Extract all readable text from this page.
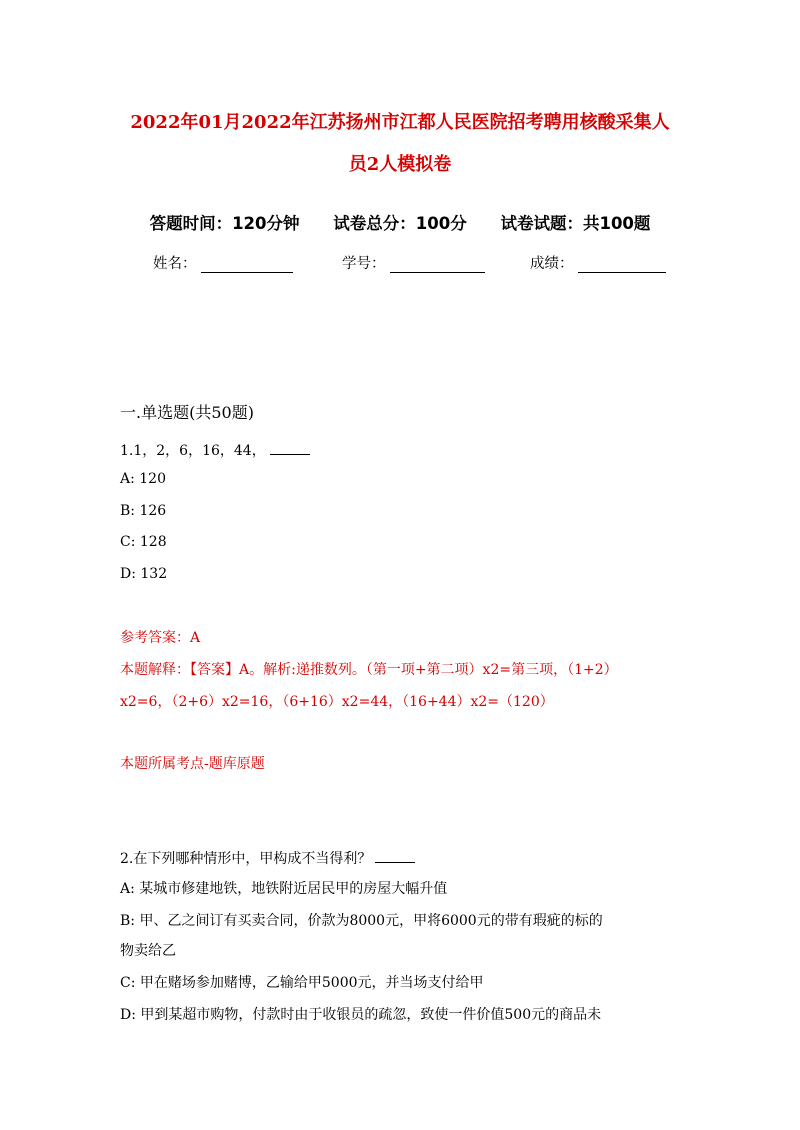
2022年01月2022年江苏扬州市江都人民医院招考聘用核酸采集人
员2人模拟卷
答题时间：120分钟 试卷总分：100分 试卷试题：共100题
姓名：	学号：	成绩：
一.单选题(共50题)
1.1，2，6，16，44，
A: 120
B: 126
C: 128
D: 132
参考答案：A
本题解释：【答案】A。解析:递推数列。（第一项+第二项）x2=第三项，（1+2）
x2=6，（2+6）x2=16，（6+16）x2=44，（16+44）x2=（120）
本题所属考点-题库原题
2.在下列哪种情形中，甲构成不当得利？
A: 某城市修建地铁，地铁附近居民甲的房屋大幅升值
B: 甲、乙之间订有买卖合同，价款为8000元，甲将6000元的带有瑕疵的标的
物卖给乙
C: 甲在赌场参加赌博，乙输给甲5000元，并当场支付给甲
D: 甲到某超市购物，付款时由于收银员的疏忽，致使一件价值500元的商品未
